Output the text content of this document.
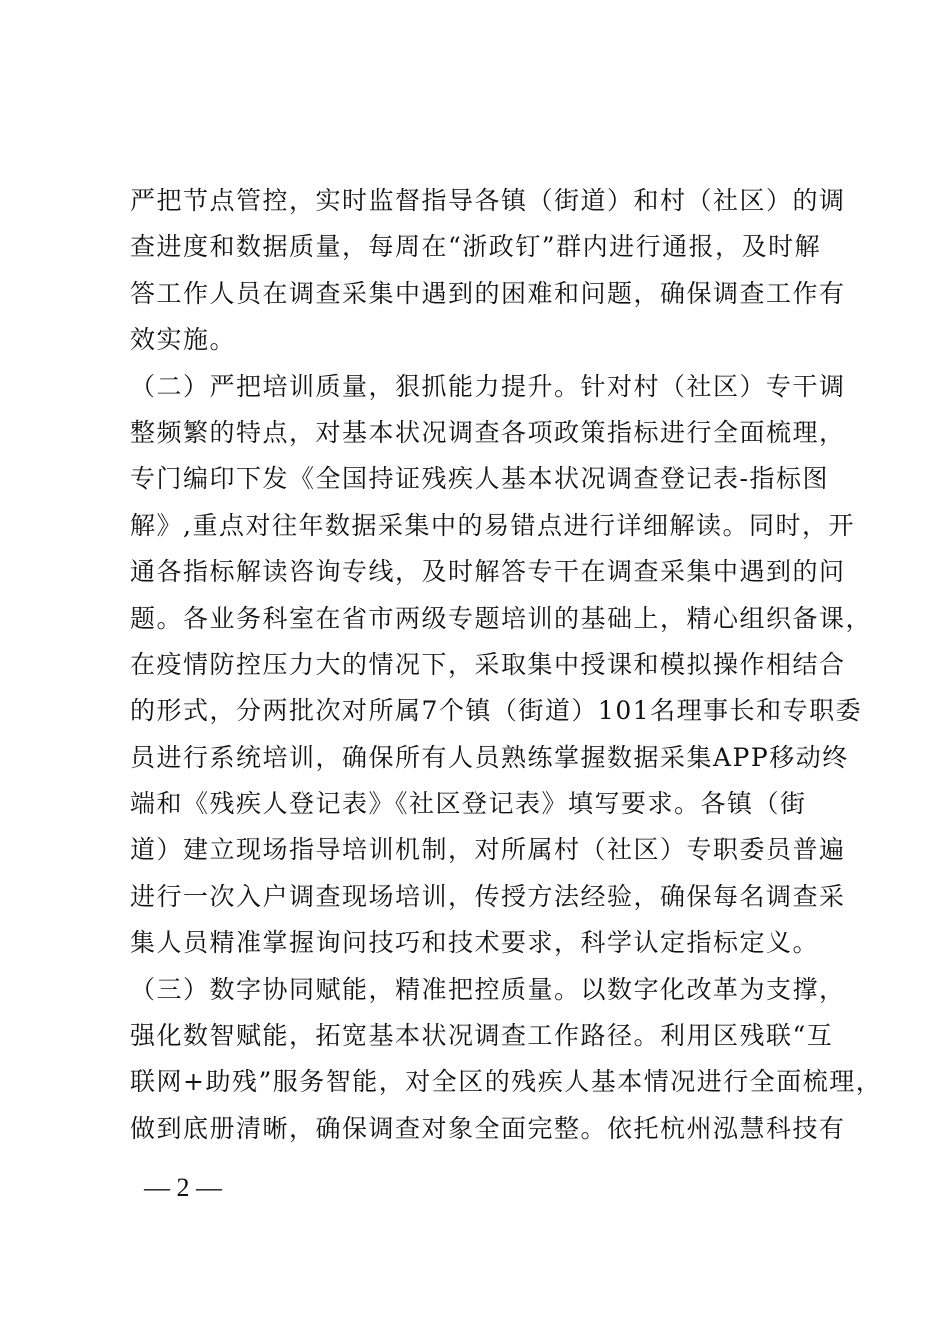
严把节点管控，实时监督指导各镇（街道）和村（社区）的调
查进度和数据质量，每周在“浙政钉”群内进行通报，及时解
答工作人员在调查采集中遇到的困难和问题，确保调查工作有
效实施。
（二）严把培训质量，狠抓能力提升。针对村（社区）专干调
整频繁的特点，对基本状况调查各项政策指标进行全面梳理，
专门编印下发《全国持证残疾人基本状况调查登记表-指标图
解》,重点对往年数据采集中的易错点进行详细解读。同时，开
通各指标解读咨询专线，及时解答专干在调查采集中遇到的问
题。各业务科室在省市两级专题培训的基础上，精心组织备课，
在疫情防控压力大的情况下，采取集中授课和模拟操作相结合
的形式，分两批次对所属7个镇（街道）101名理事长和专职委
员进行系统培训，确保所有人员熟练掌握数据采集APP移动终
端和《残疾人登记表》《社区登记表》填写要求。各镇（街
道）建立现场指导培训机制，对所属村（社区）专职委员普遍
进行一次入户调查现场培训，传授方法经验，确保每名调查采
集人员精准掌握询问技巧和技术要求，科学认定指标定义。
（三）数字协同赋能，精准把控质量。以数字化改革为支撑，
强化数智赋能，拓宽基本状况调查工作路径。利用区残联“互
联网+助残”服务智能，对全区的残疾人基本情况进行全面梳理，
做到底册清晰，确保调查对象全面完整。依托杭州泓慧科技有
— 2 —
